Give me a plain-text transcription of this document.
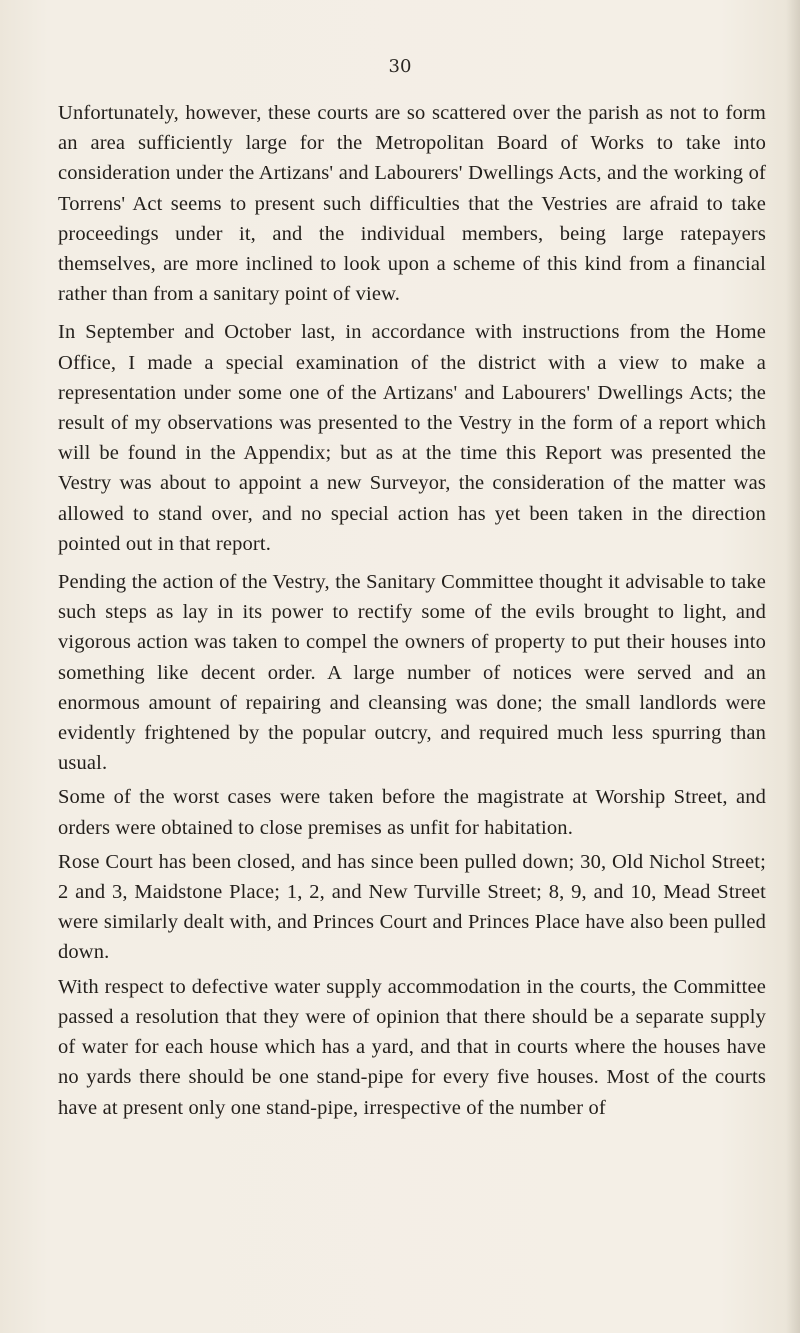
30

Unfortunately, however, these courts are so scattered over the parish as not to form an area sufficiently large for the Metropolitan Board of Works to take into consideration under the Artizans' and Labourers' Dwellings Acts, and the working of Torrens' Act seems to present such difficulties that the Vestries are afraid to take proceedings under it, and the individual members, being large ratepayers themselves, are more inclined to look upon a scheme of this kind from a financial rather than from a sanitary point of view.

In September and October last, in accordance with instructions from the Home Office, I made a special examination of the district with a view to make a representation under some one of the Artizans' and Labourers' Dwellings Acts; the result of my observations was presented to the Vestry in the form of a report which will be found in the Appendix; but as at the time this Report was presented the Vestry was about to appoint a new Surveyor, the consideration of the matter was allowed to stand over, and no special action has yet been taken in the direction pointed out in that report.

Pending the action of the Vestry, the Sanitary Committee thought it advisable to take such steps as lay in its power to rectify some of the evils brought to light, and vigorous action was taken to compel the owners of property to put their houses into something like decent order. A large number of notices were served and an enormous amount of repairing and cleansing was done; the small landlords were evidently frightened by the popular outcry, and required much less spurring than usual.

Some of the worst cases were taken before the magistrate at Worship Street, and orders were obtained to close premises as unfit for habitation.

Rose Court has been closed, and has since been pulled down; 30, Old Nichol Street; 2 and 3, Maidstone Place; 1, 2, and New Turville Street; 8, 9, and 10, Mead Street were similarly dealt with, and Princes Court and Princes Place have also been pulled down.

With respect to defective water supply accommodation in the courts, the Committee passed a resolution that they were of opinion that there should be a separate supply of water for each house which has a yard, and that in courts where the houses have no yards there should be one stand-pipe for every five houses. Most of the courts have at present only one stand-pipe, irrespective of the number of
